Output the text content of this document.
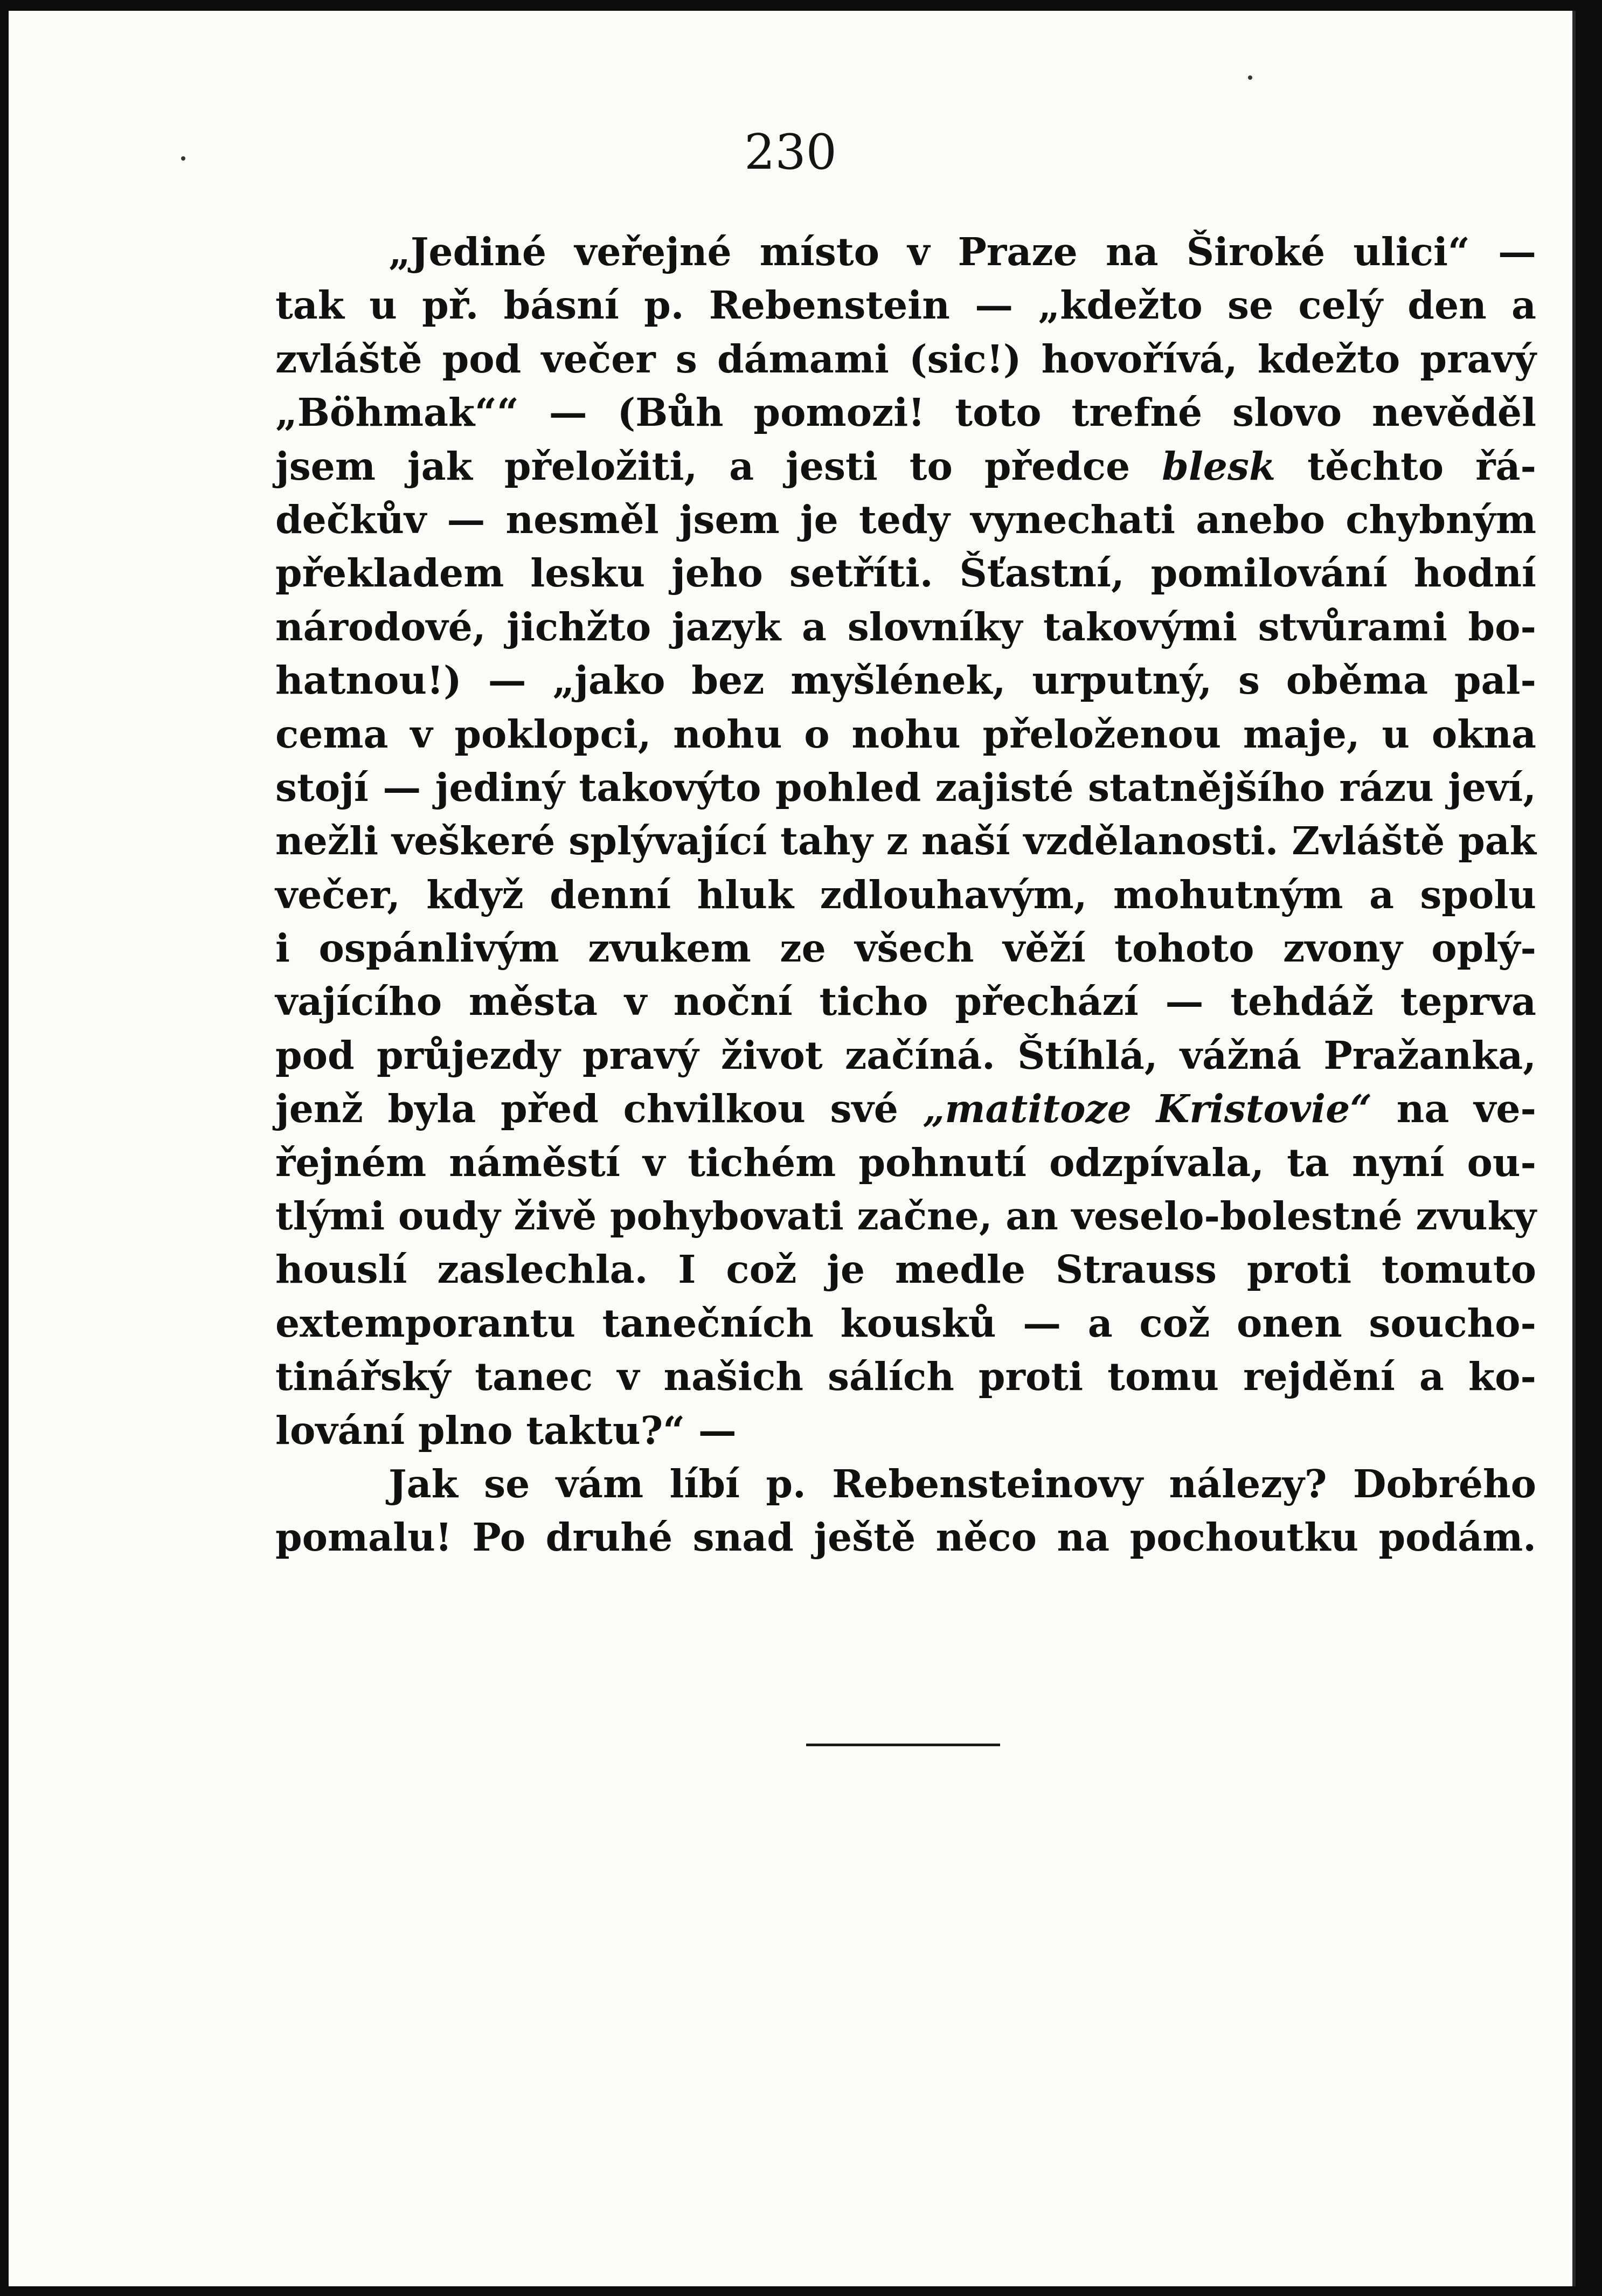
230

„Jediné veřejné místo v Praze na Široké ulici“ —
tak u př. básní p. Rebenstein — „kdežto se celý den a
zvláště pod večer s dámami (sic!) hovořívá, kdežto pravý
„Böhmak““ — (Bůh pomozi! toto trefné slovo nevěděl
jsem jak přeložiti, a jesti to předce blesk těchto řá-
dečkův — nesměl jsem je tedy vynechati anebo chybným
překladem lesku jeho setříti. Šťastní, pomilování hodní
národové, jichžto jazyk a slovníky takovými stvůrami bo-
hatnou!) — „jako bez myšlének, urputný, s oběma pal-
cema v poklopci, nohu o nohu přeloženou maje, u okna
stojí — jediný takovýto pohled zajisté statnějšího rázu jeví,
nežli veškeré splývající tahy z naší vzdělanosti. Zvláště pak
večer, když denní hluk zdlouhavým, mohutným a spolu
i ospánlivým zvukem ze všech věží tohoto zvony oplý-
vajícího města v noční ticho přechází — tehdáž teprva
pod průjezdy pravý život začíná. Štíhlá, vážná Pražanka,
jenž byla před chvilkou své „matitoze Kristovie“ na ve-
řejném náměstí v tichém pohnutí odzpívala, ta nyní ou-
tlými oudy živě pohybovati začne, an veselo-bolestné zvuky
houslí zaslechla. I což je medle Strauss proti tomuto
extemporantu tanečních kousků — a což onen soucho-
tinářský tanec v našich sálích proti tomu rejdění a ko-
lování plno taktu?“ —
Jak se vám líbí p. Rebensteinovy nálezy? Dobrého
pomalu! Po druhé snad ještě něco na pochoutku podám.
